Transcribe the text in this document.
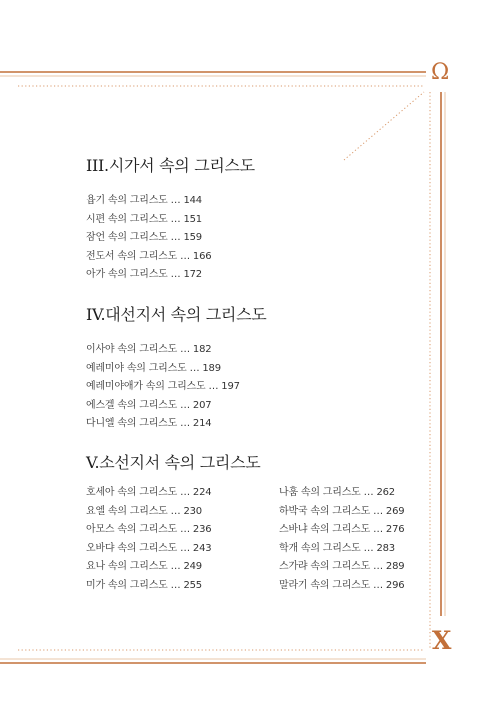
Ω
X
III.시가서 속의 그리스도
욥기 속의 그리스도 … 144
시편 속의 그리스도 … 151
잠언 속의 그리스도 … 159
전도서 속의 그리스도 … 166
아가 속의 그리스도 … 172
IV.대선지서 속의 그리스도
이사야 속의 그리스도 … 182
예레미야 속의 그리스도 … 189
예레미야애가 속의 그리스도 … 197
에스겔 속의 그리스도 … 207
다니엘 속의 그리스도 … 214
V.소선지서 속의 그리스도
호세아 속의 그리스도 … 224
요엘 속의 그리스도 … 230
아모스 속의 그리스도 … 236
오바댜 속의 그리스도 … 243
요나 속의 그리스도 … 249
미가 속의 그리스도 … 255
나훔 속의 그리스도 … 262
하박국 속의 그리스도 … 269
스바냐 속의 그리스도 … 276
학개 속의 그리스도 … 283
스가랴 속의 그리스도 … 289
말라기 속의 그리스도 … 296
